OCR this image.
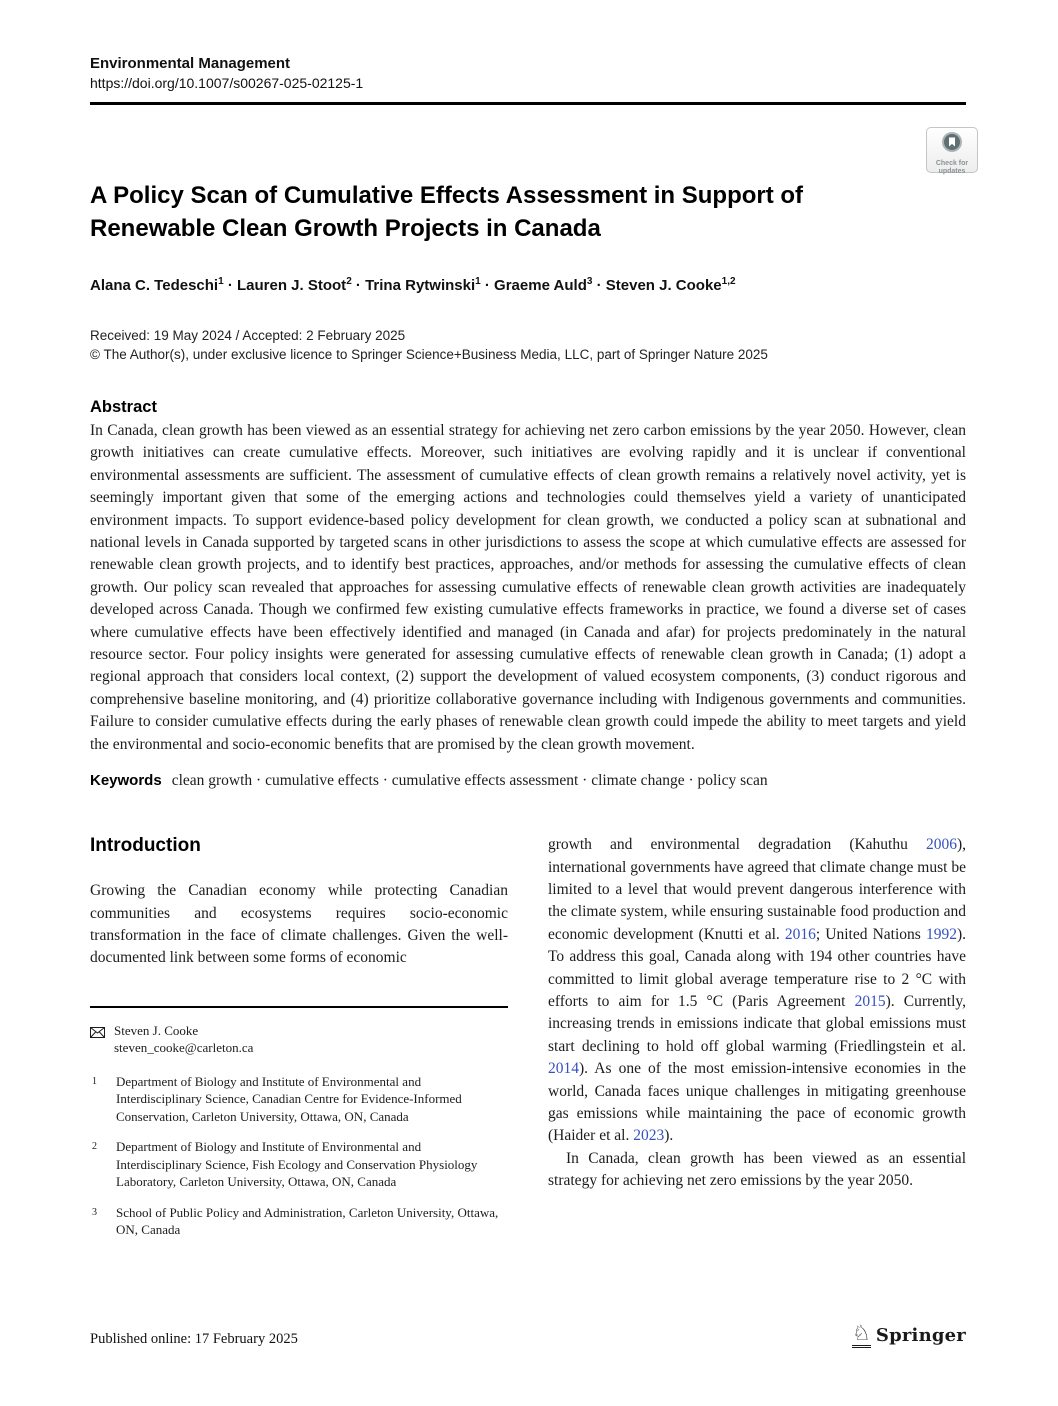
Environmental Management
https://doi.org/10.1007/s00267-025-02125-1
Check for
updates
A Policy Scan of Cumulative Effects Assessment in Support of
Renewable Clean Growth Projects in Canada
Alana C. Tedeschi$^1$ · Lauren J. Stoot$^2$ · Trina Rytwinski$^1$ · Graeme Auld$^3$ · Steven J. Cooke$^{1,2}$
Received: 19 May 2024 / Accepted: 2 February 2025
© The Author(s), under exclusive licence to Springer Science+Business Media, LLC, part of Springer Nature 2025
Abstract

In Canada, clean growth has been viewed as an essential strategy for achieving net zero carbon emissions by the year 2050. However, clean growth initiatives can create cumulative effects. Moreover, such initiatives are evolving rapidly and it is unclear if conventional environmental assessments are sufficient. The assessment of cumulative effects of clean growth remains a relatively novel activity, yet is seemingly important given that some of the emerging actions and technologies could themselves yield a variety of unanticipated environment impacts. To support evidence-based policy development for clean growth, we conducted a policy scan at subnational and national levels in Canada supported by targeted scans in other jurisdictions to assess the scope at which cumulative effects are assessed for renewable clean growth projects, and to identify best practices, approaches, and/or methods for assessing the cumulative effects of clean growth. Our policy scan revealed that approaches for assessing cumulative effects of renewable clean growth activities are inadequately developed across Canada. Though we confirmed few existing cumulative effects frameworks in practice, we found a diverse set of cases where cumulative effects have been effectively identified and managed (in Canada and afar) for projects predominately in the natural resource sector. Four policy insights were generated for assessing cumulative effects of renewable clean growth in Canada; (1) adopt a regional approach that considers local context, (2) support the development of valued ecosystem components, (3) conduct rigorous and comprehensive baseline monitoring, and (4) prioritize collaborative governance including with Indigenous governments and communities. Failure to consider cumulative effects during the early phases of renewable clean growth could impede the ability to meet targets and yield the environmental and socio-economic benefits that are promised by the clean growth movement.

Keywords clean growth · cumulative effects · cumulative effects assessment · climate change · policy scan
Introduction

Growing the Canadian economy while protecting Canadian communities and ecosystems requires socio-economic transformation in the face of climate challenges. Given the well-documented link between some forms of economic

Steven J. Cooke
steven_cooke@carleton.ca
1	Department of Biology and Institute of Environmental and Interdisciplinary Science, Canadian Centre for Evidence-Informed Conservation, Carleton University, Ottawa, ON, Canada
2	Department of Biology and Institute of Environmental and Interdisciplinary Science, Fish Ecology and Conservation Physiology Laboratory, Carleton University, Ottawa, ON, Canada
3	School of Public Policy and Administration, Carleton University, Ottawa, ON, Canada

growth and environmental degradation (Kahuthu 2006), international governments have agreed that climate change must be limited to a level that would prevent dangerous interference with the climate system, while ensuring sustainable food production and economic development (Knutti et al. 2016; United Nations 1992). To address this goal, Canada along with 194 other countries have committed to limit global average temperature rise to 2 °C with efforts to aim for 1.5 °C (Paris Agreement 2015). Currently, increasing trends in emissions indicate that global emissions must start declining to hold off global warming (Friedlingstein et al. 2014). As one of the most emission-intensive economies in the world, Canada faces unique challenges in mitigating greenhouse gas emissions while maintaining the pace of economic growth (Haider et al. 2023).

In Canada, clean growth has been viewed as an essential strategy for achieving net zero emissions by the year 2050.

Published online: 17 February 2025	♘ Springer
